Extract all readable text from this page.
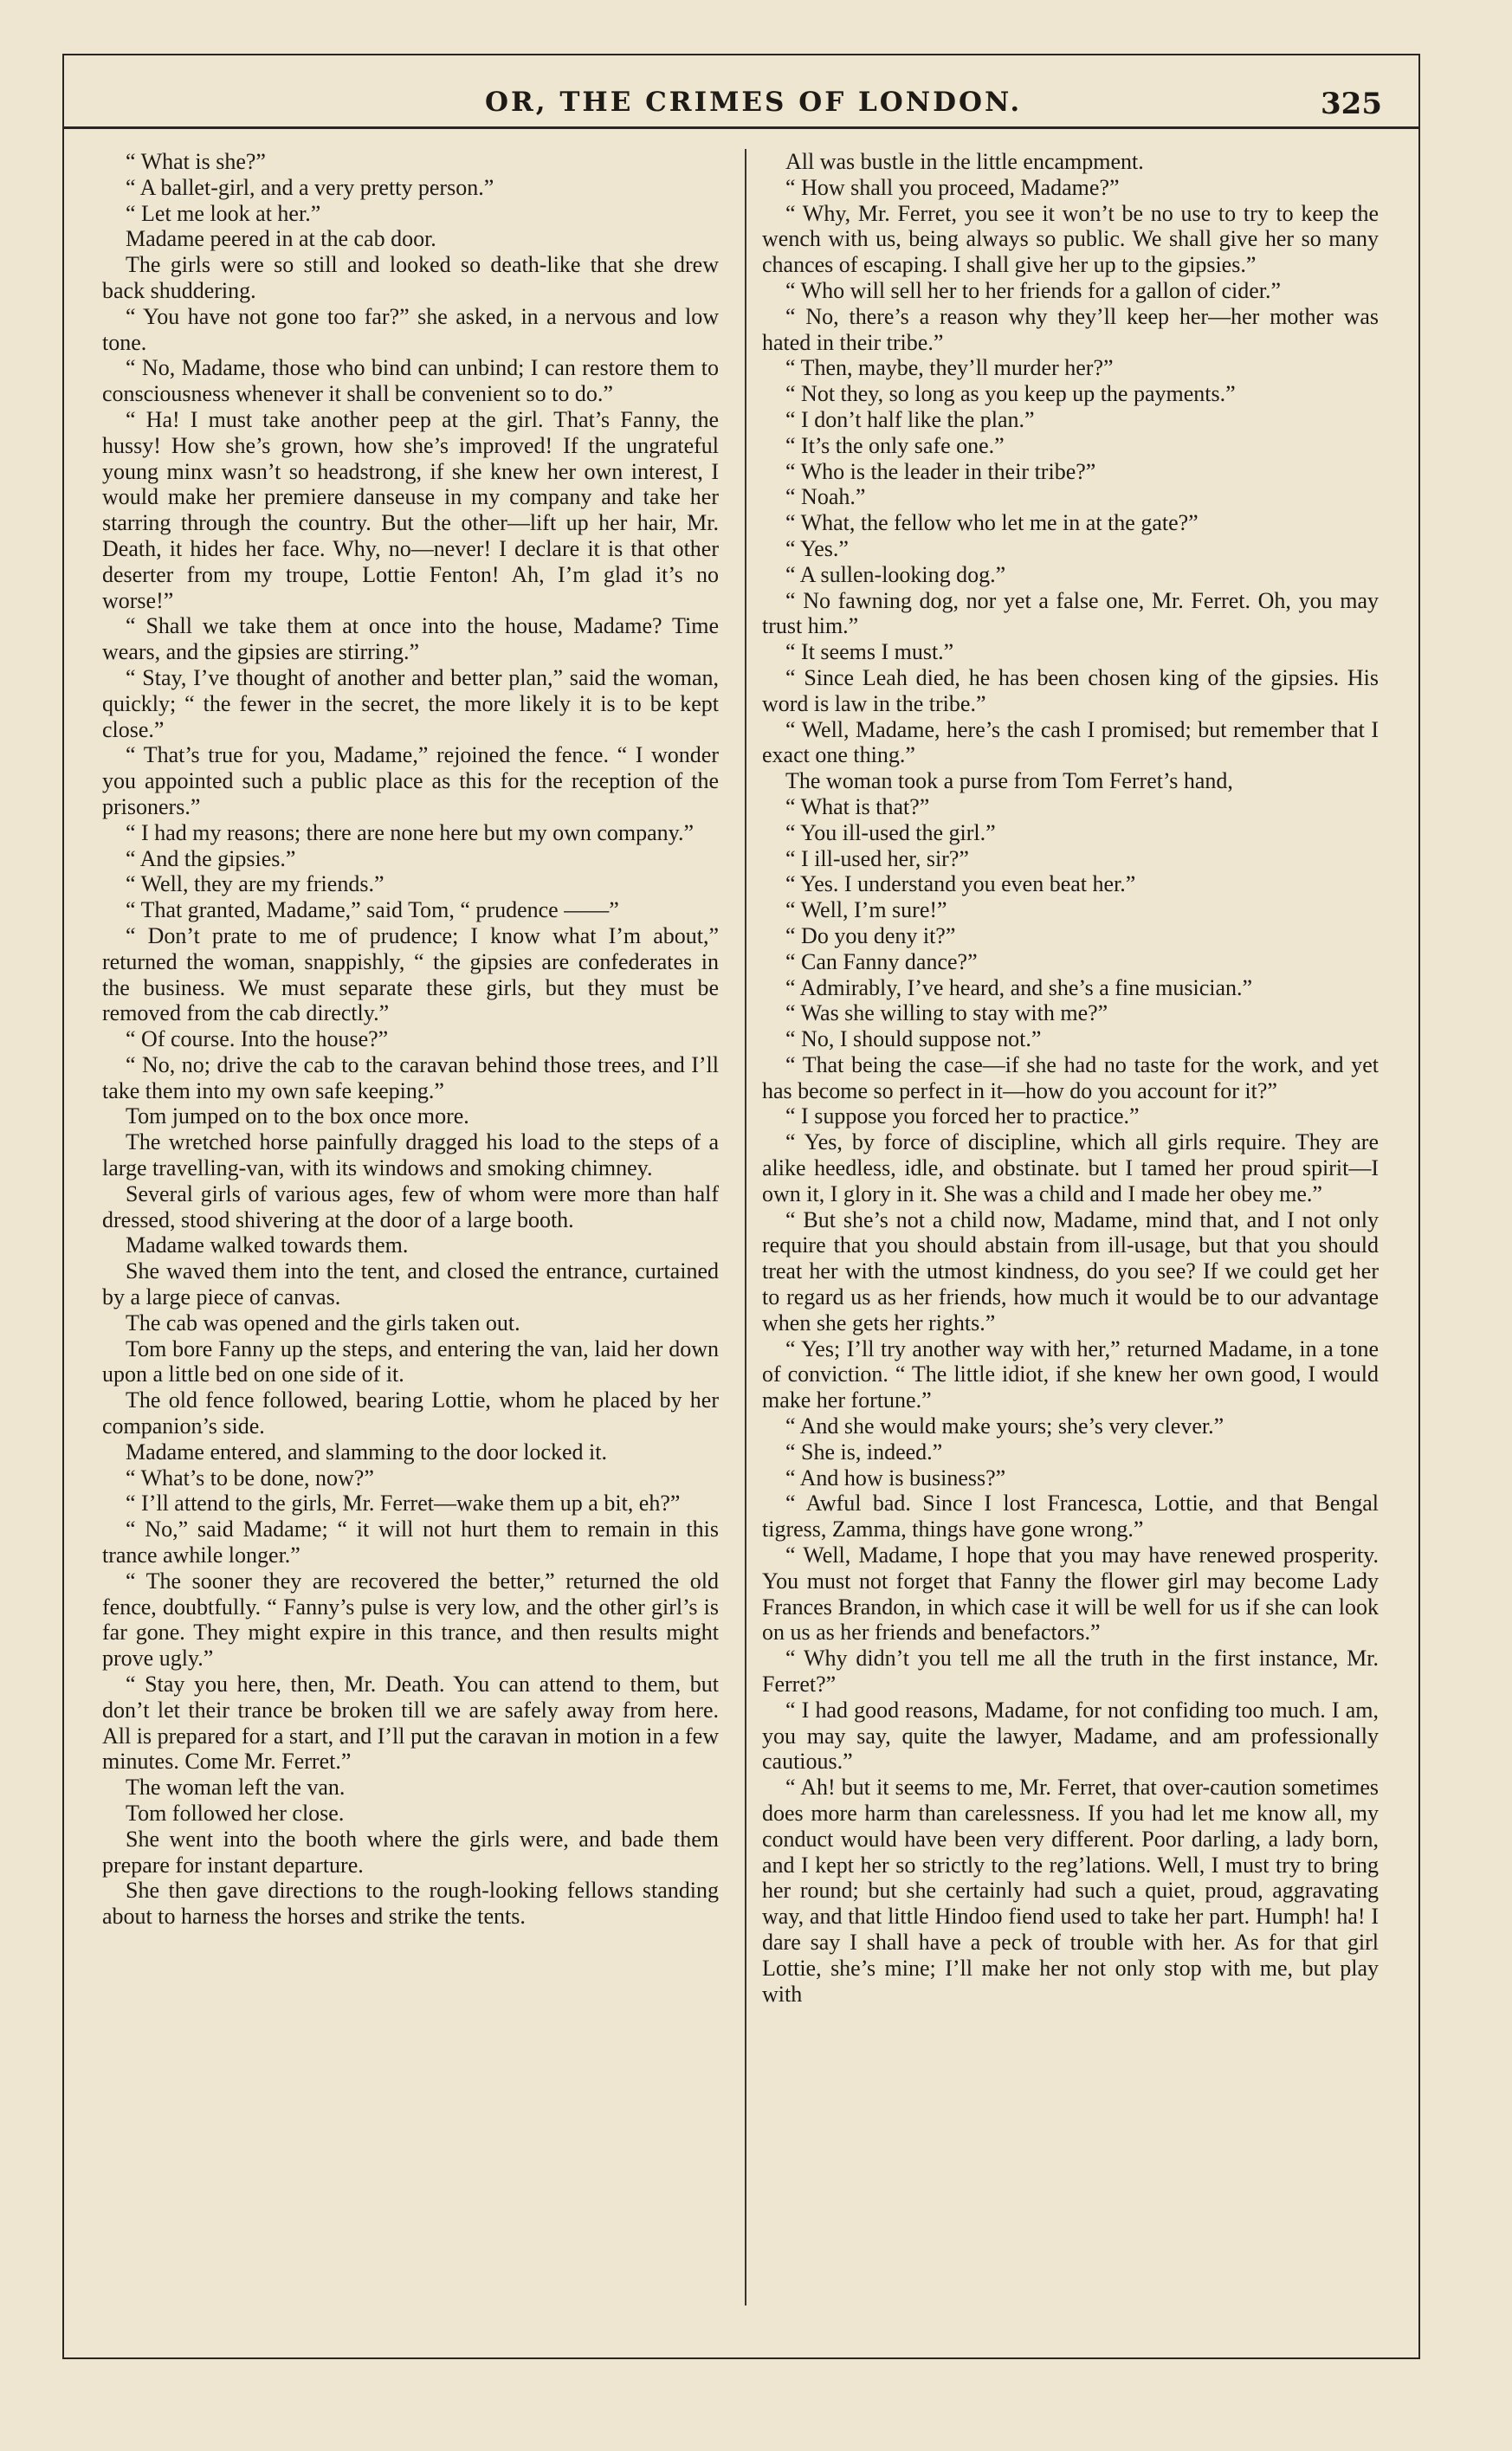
OR, THE CRIMES OF LONDON.	325

“ What is she?”

“ A ballet-girl, and a very pretty person.”

“ Let me look at her.”

Madame peered in at the cab door.

The girls were so still and looked so death-like that she drew back shuddering.

“ You have not gone too far?” she asked, in a nervous and low tone.

“ No, Madame, those who bind can unbind; I can restore them to consciousness whenever it shall be convenient so to do.”

“ Ha! I must take another peep at the girl. That’s Fanny, the hussy! How she’s grown, how she’s improved! If the ungrateful young minx wasn’t so headstrong, if she knew her own interest, I would make her premiere danseuse in my company and take her starring through the country. But the other—lift up her hair, Mr. Death, it hides her face. Why, no—never! I declare it is that other deserter from my troupe, Lottie Fenton! Ah, I’m glad it’s no worse!”

“ Shall we take them at once into the house, Madame? Time wears, and the gipsies are stirring.”

“ Stay, I’ve thought of another and better plan,” said the woman, quickly; “ the fewer in the secret, the more likely it is to be kept close.”

“ That’s true for you, Madame,” rejoined the fence. “ I wonder you appointed such a public place as this for the reception of the prisoners.”

“ I had my reasons; there are none here but my own company.”

“ And the gipsies.”

“ Well, they are my friends.”

“ That granted, Madame,” said Tom, “ prudence ——”

“ Don’t prate to me of prudence; I know what I’m about,” returned the woman, snappishly, “ the gipsies are confederates in the business. We must separate these girls, but they must be removed from the cab directly.”

“ Of course. Into the house?”

“ No, no; drive the cab to the caravan behind those trees, and I’ll take them into my own safe keeping.”

Tom jumped on to the box once more.

The wretched horse painfully dragged his load to the steps of a large travelling-van, with its windows and smoking chimney.

Several girls of various ages, few of whom were more than half dressed, stood shivering at the door of a large booth.

Madame walked towards them.

She waved them into the tent, and closed the entrance, curtained by a large piece of canvas.

The cab was opened and the girls taken out.

Tom bore Fanny up the steps, and entering the van, laid her down upon a little bed on one side of it.

The old fence followed, bearing Lottie, whom he placed by her companion’s side.

Madame entered, and slamming to the door locked it.

“ What’s to be done, now?”

“ I’ll attend to the girls, Mr. Ferret—wake them up a bit, eh?”

“ No,” said Madame; “ it will not hurt them to remain in this trance awhile longer.”

“ The sooner they are recovered the better,” returned the old fence, doubtfully. “ Fanny’s pulse is very low, and the other girl’s is far gone. They might expire in this trance, and then results might prove ugly.”

“ Stay you here, then, Mr. Death. You can attend to them, but don’t let their trance be broken till we are safely away from here. All is prepared for a start, and I’ll put the caravan in motion in a few minutes. Come Mr. Ferret.”

The woman left the van.

Tom followed her close.

She went into the booth where the girls were, and bade them prepare for instant departure.

She then gave directions to the rough-looking fellows standing about to harness the horses and strike the tents.

All was bustle in the little encampment.

“ How shall you proceed, Madame?”

“ Why, Mr. Ferret, you see it won’t be no use to try to keep the wench with us, being always so public. We shall give her so many chances of escaping. I shall give her up to the gipsies.”

“ Who will sell her to her friends for a gallon of cider.”

“ No, there’s a reason why they’ll keep her—her mother was hated in their tribe.”

“ Then, maybe, they’ll murder her?”

“ Not they, so long as you keep up the payments.”

“ I don’t half like the plan.”

“ It’s the only safe one.”

“ Who is the leader in their tribe?”

“ Noah.”

“ What, the fellow who let me in at the gate?”

“ Yes.”

“ A sullen-looking dog.”

“ No fawning dog, nor yet a false one, Mr. Ferret. Oh, you may trust him.”

“ It seems I must.”

“ Since Leah died, he has been chosen king of the gipsies. His word is law in the tribe.”

“ Well, Madame, here’s the cash I promised; but remember that I exact one thing.”

The woman took a purse from Tom Ferret’s hand,

“ What is that?”

“ You ill-used the girl.”

“ I ill-used her, sir?”

“ Yes. I understand you even beat her.”

“ Well, I’m sure!”

“ Do you deny it?”

“ Can Fanny dance?”

“ Admirably, I’ve heard, and she’s a fine musician.”

“ Was she willing to stay with me?”

“ No, I should suppose not.”

“ That being the case—if she had no taste for the work, and yet has become so perfect in it—how do you account for it?”

“ I suppose you forced her to practice.”

“ Yes, by force of discipline, which all girls require. They are alike heedless, idle, and obstinate. but I tamed her proud spirit—I own it, I glory in it. She was a child and I made her obey me.”

“ But she’s not a child now, Madame, mind that, and I not only require that you should abstain from ill-usage, but that you should treat her with the utmost kindness, do you see? If we could get her to regard us as her friends, how much it would be to our advantage when she gets her rights.”

“ Yes; I’ll try another way with her,” returned Madame, in a tone of conviction. “ The little idiot, if she knew her own good, I would make her fortune.”

“ And she would make yours; she’s very clever.”

“ She is, indeed.”

“ And how is business?”

“ Awful bad. Since I lost Francesca, Lottie, and that Bengal tigress, Zamma, things have gone wrong.”

“ Well, Madame, I hope that you may have renewed prosperity. You must not forget that Fanny the flower girl may become Lady Frances Brandon, in which case it will be well for us if she can look on us as her friends and benefactors.”

“ Why didn’t you tell me all the truth in the first instance, Mr. Ferret?”

“ I had good reasons, Madame, for not confiding too much. I am, you may say, quite the lawyer, Madame, and am professionally cautious.”

“ Ah! but it seems to me, Mr. Ferret, that over-caution sometimes does more harm than carelessness. If you had let me know all, my conduct would have been very different. Poor darling, a lady born, and I kept her so strictly to the reg’lations. Well, I must try to bring her round; but she certainly had such a quiet, proud, aggravating way, and that little Hindoo fiend used to take her part. Humph! ha! I dare say I shall have a peck of trouble with her. As for that girl Lottie, she’s mine; I’ll make her not only stop with me, but play with
